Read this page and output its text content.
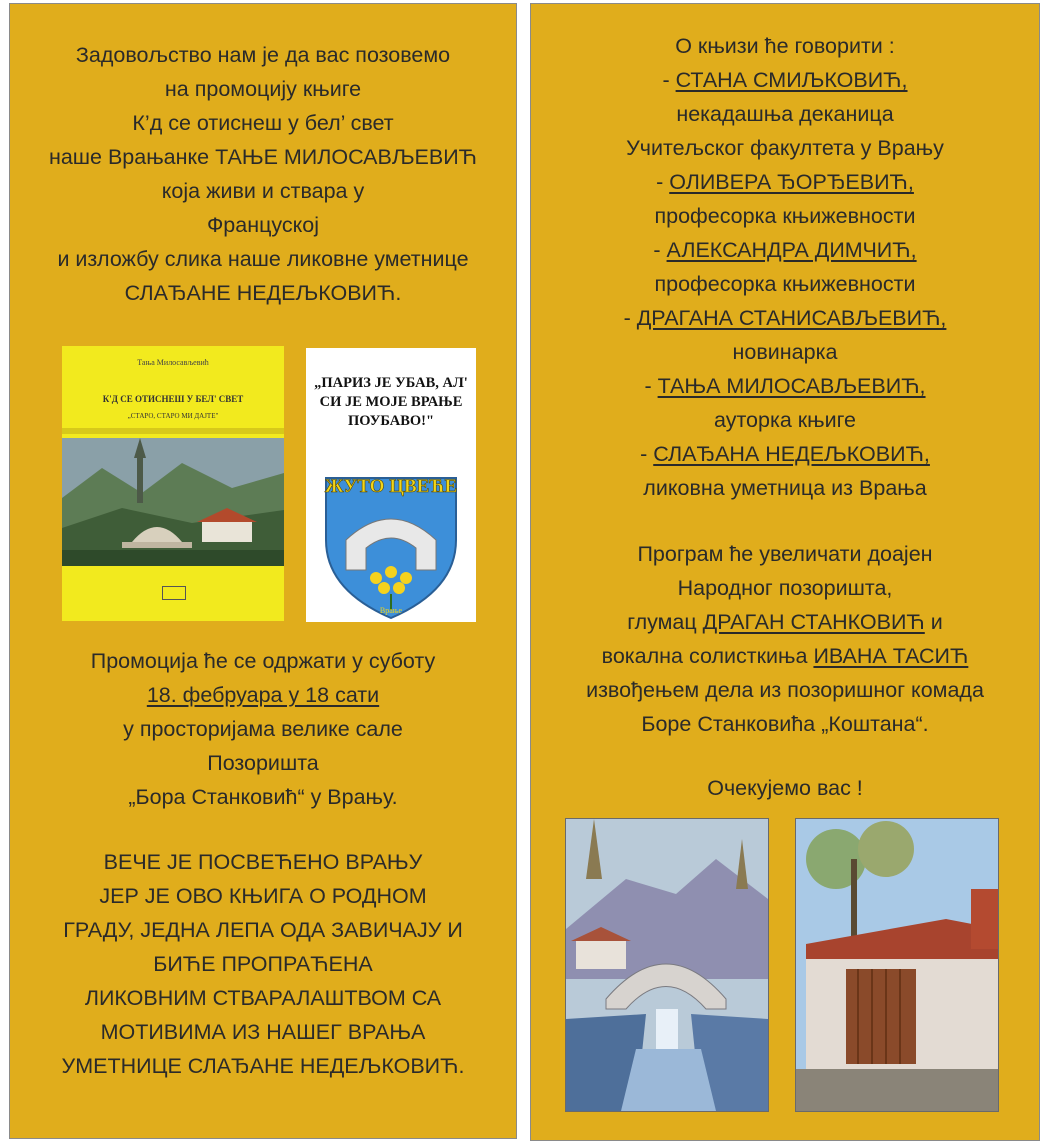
Задовољство нам је да вас позовемо
на промоцију књиге
К’д се отиснеш у бел’ свет
наше Врањанке ТАЊЕ МИЛОСАВЉЕВИЋ
која живи и ствара у
Француској
и изложбу слика наше ликовне уметнице
СЛАЂАНЕ НЕДЕЉКОВИЋ.
Тања Милосављевић
К'Д СЕ ОТИСНЕШ У БЕЛ' СВЕТ
„СТАРО, СТАРО МИ ДАЈТЕ"
„ПАРИЗ ЈЕ УБАВ, АЛ' СИ ЈЕ МОЈЕ ВРАЊЕ ПОУБАВО!"
ЖУТО ЦВЕЋЕ
Врање
Промоција ће се одржати у суботу
18. фебруара у 18 сати
у просторијама велике сале
Позоришта
„Бора Станковић“ у Врању.
ВЕЧЕ ЈЕ ПОСВЕЋЕНО ВРАЊУ
ЈЕР ЈЕ ОВО КЊИГА О РОДНОМ
ГРАДУ, ЈЕДНА ЛЕПА ОДА ЗАВИЧАЈУ И
БИЋЕ ПРОПРАЋЕНА
ЛИКОВНИМ СТВАРАЛАШТВОМ СА
МОТИВИМА ИЗ НАШЕГ ВРАЊА
УМЕТНИЦЕ СЛАЂАНЕ НЕДЕЉКОВИЋ.
О књизи ће говорити :
- СТАНА СМИЉКОВИЋ,
некадашња деканица
Учитељског факултета у Врању
- ОЛИВЕРА ЂОРЂЕВИЋ,
професорка књижевности
- АЛЕКСАНДРА ДИМЧИЋ,
професорка књижевности
- ДРАГАНА СТАНИСАВЉЕВИЋ,
новинарка
- ТАЊА МИЛОСАВЉЕВИЋ,
ауторка књиге
- СЛАЂАНА НЕДЕЉКОВИЋ,
ликовна уметница из Врања
Програм ће увеличати доајен
Народног позоришта,
глумац ДРАГАН СТАНКОВИЋ и
вокална солисткиња ИВАНА ТАСИЋ
извођењем дела из позоришног комада
Боре Станковића „Коштана“.
Очекујемо вас !
